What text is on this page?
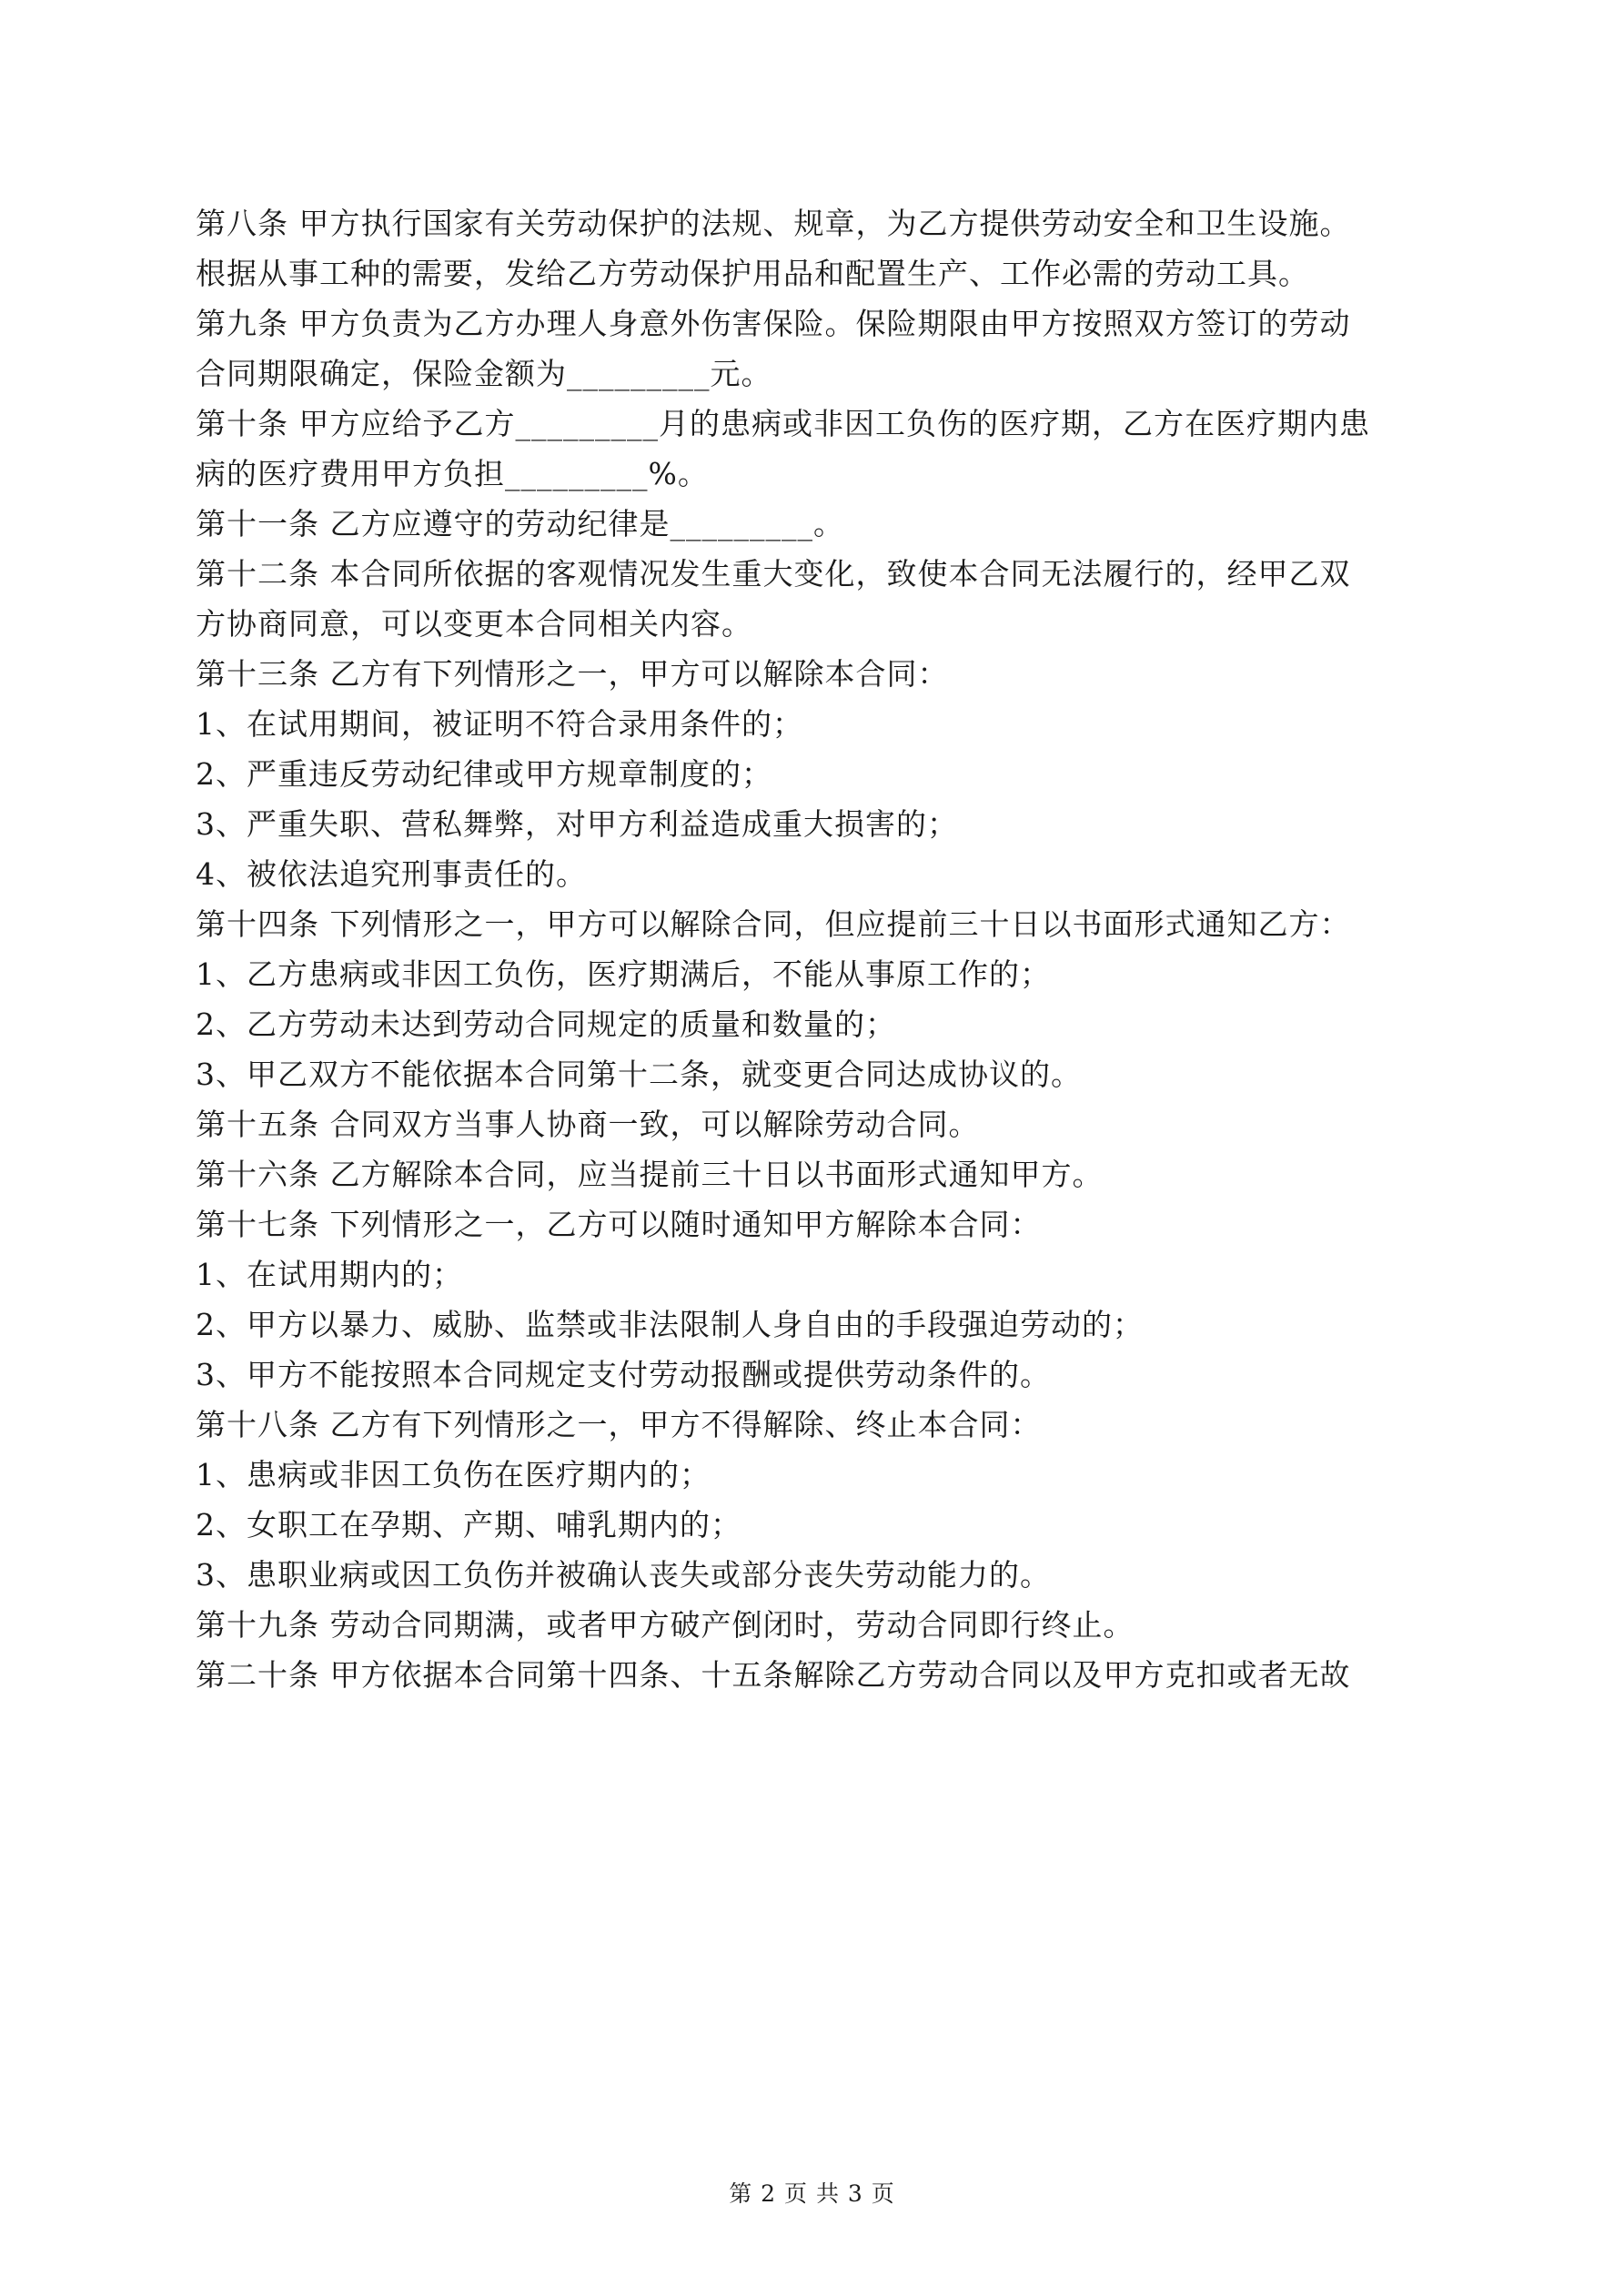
第八条 甲方执行国家有关劳动保护的法规、规章，为乙方提供劳动安全和卫生设施。
根据从事工种的需要，发给乙方劳动保护用品和配置生产、工作必需的劳动工具。
第九条 甲方负责为乙方办理人身意外伤害保险。保险期限由甲方按照双方签订的劳动
合同期限确定，保险金额为_________元。
第十条 甲方应给予乙方_________月的患病或非因工负伤的医疗期，乙方在医疗期内患
病的医疗费用甲方负担_________%。
第十一条 乙方应遵守的劳动纪律是_________。
第十二条 本合同所依据的客观情况发生重大变化，致使本合同无法履行的，经甲乙双
方协商同意，可以变更本合同相关内容。
第十三条 乙方有下列情形之一，甲方可以解除本合同：
1、在试用期间，被证明不符合录用条件的；
2、严重违反劳动纪律或甲方规章制度的；
3、严重失职、营私舞弊，对甲方利益造成重大损害的；
4、被依法追究刑事责任的。
第十四条 下列情形之一，甲方可以解除合同，但应提前三十日以书面形式通知乙方：
1、乙方患病或非因工负伤，医疗期满后，不能从事原工作的；
2、乙方劳动未达到劳动合同规定的质量和数量的；
3、甲乙双方不能依据本合同第十二条，就变更合同达成协议的。
第十五条 合同双方当事人协商一致，可以解除劳动合同。
第十六条 乙方解除本合同，应当提前三十日以书面形式通知甲方。
第十七条 下列情形之一，乙方可以随时通知甲方解除本合同：
1、在试用期内的；
2、甲方以暴力、威胁、监禁或非法限制人身自由的手段强迫劳动的；
3、甲方不能按照本合同规定支付劳动报酬或提供劳动条件的。
第十八条 乙方有下列情形之一，甲方不得解除、终止本合同：
1、患病或非因工负伤在医疗期内的；
2、女职工在孕期、产期、哺乳期内的；
3、患职业病或因工负伤并被确认丧失或部分丧失劳动能力的。
第十九条 劳动合同期满，或者甲方破产倒闭时，劳动合同即行终止。
第二十条 甲方依据本合同第十四条、十五条解除乙方劳动合同以及甲方克扣或者无故
第 2 页 共 3 页
